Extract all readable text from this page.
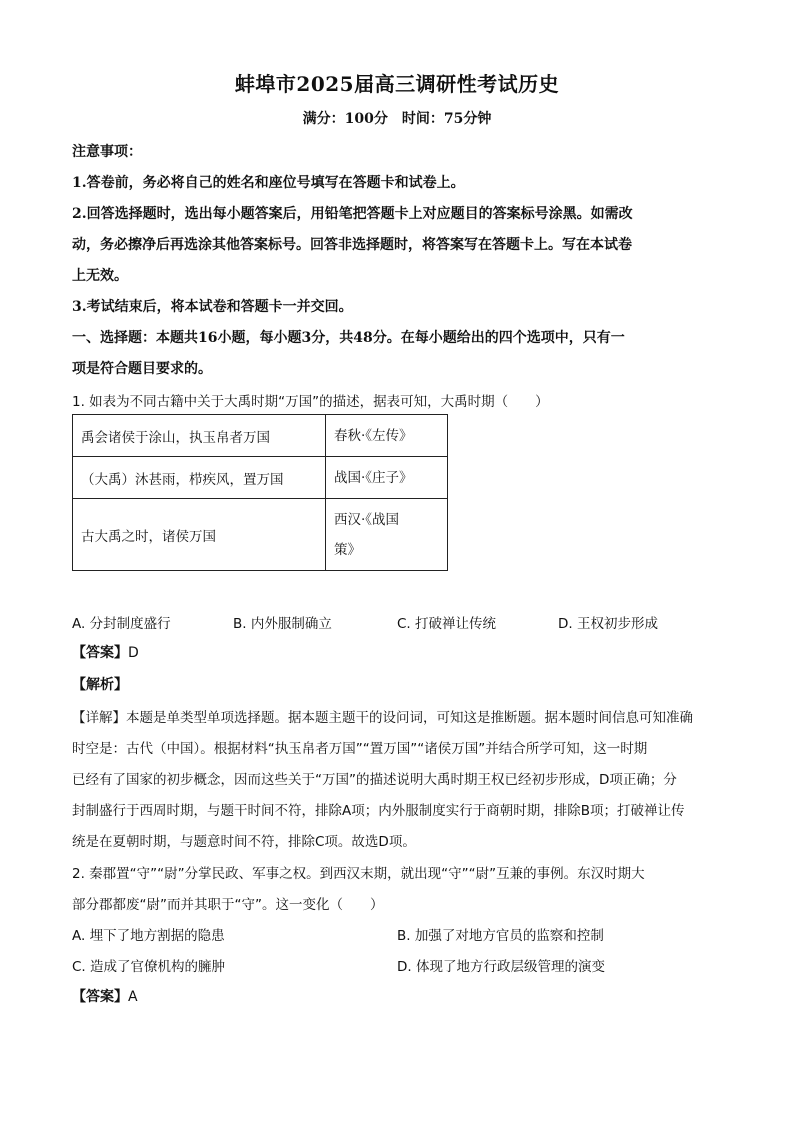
蚌埠市2025届高三调研性考试历史
满分：100分　时间：75分钟
注意事项：
1.答卷前，务必将自己的姓名和座位号填写在答题卡和试卷上。
2.回答选择题时，选出每小题答案后，用铅笔把答题卡上对应题目的答案标号涂黑。如需改
动，务必擦净后再选涂其他答案标号。回答非选择题时，将答案写在答题卡上。写在本试卷
上无效。
3.考试结束后，将本试卷和答题卡一并交回。
一、选择题：本题共16小题，每小题3分，共48分。在每小题给出的四个选项中，只有一
项是符合题目要求的。
1. 如表为不同古籍中关于大禹时期“万国”的描述，据表可知，大禹时期（　　）
禹会诸侯于涂山，执玉帛者万国	春秋·《左传》
（大禹）沐甚雨，栉疾风，置万国	战国·《庄子》
古大禹之时，诸侯万国	西汉·《战国
策》
A. 分封制度盛行	B. 内外服制确立	C. 打破禅让传统	D. 王权初步形成
【答案】D
【解析】
【详解】本题是单类型单项选择题。据本题主题干的设问词，可知这是推断题。据本题时间信息可知准确
时空是：古代（中国）。根据材料“执玉帛者万国”“置万国”“诸侯万国”并结合所学可知，这一时期
已经有了国家的初步概念，因而这些关于“万国”的描述说明大禹时期王权已经初步形成，D项正确；分
封制盛行于西周时期，与题干时间不符，排除A项；内外服制度实行于商朝时期，排除B项；打破禅让传
统是在夏朝时期，与题意时间不符，排除C项。故选D项。
2. 秦郡置“守”“尉”分掌民政、军事之权。到西汉末期，就出现“守”“尉”互兼的事例。东汉时期大
部分郡都废“尉”而并其职于“守”。这一变化（　　）
A. 埋下了地方割据的隐患	B. 加强了对地方官员的监察和控制
C. 造成了官僚机构的臃肿	D. 体现了地方行政层级管理的演变
【答案】A
